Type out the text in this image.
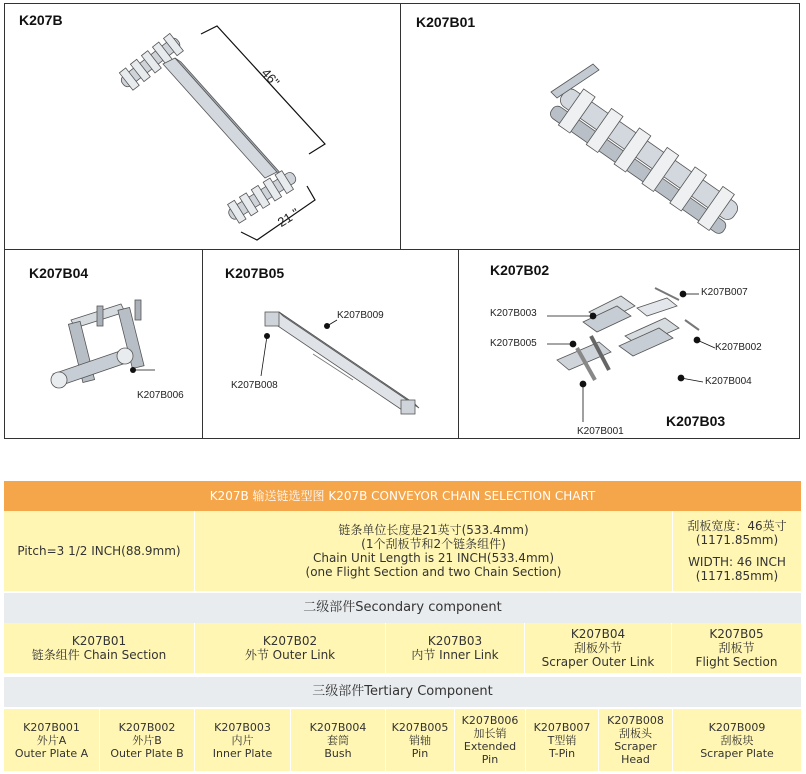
K207B
46"
21 "
K207B01
K207B04
K207B006
K207B05
K207B009
K207B008
K207B02
K207B03
K207B007
K207B003
K207B002
K207B005
K207B004
K207B001
K207B 输送链选型图 K207B CONVEYOR CHAIN SELECTION CHART
Pitch=3 1/2 INCH(88.9mm)
链条单位长度是21英寸(533.4mm)
(1个刮板节和2个链条组件)
Chain Unit Length is 21 INCH(533.4mm)
(one Flight Section and two Chain Section)
刮板宽度：46英寸
(1171.85mm)
WIDTH: 46 INCH
(1171.85mm)
二级部件Secondary component
K207B01
链条组件 Chain Section
K207B02
外节 Outer Link
K207B03
内节 Inner Link
K207B04
刮板外节
Scraper Outer Link
K207B05
刮板节
Flight Section
三级部件Tertiary Component
K207B001
外片A
Outer Plate A
K207B002
外片B
Outer Plate B
K207B003
内片
Inner Plate
K207B004
套筒
Bush
K207B005
销轴
Pin
K207B006
加长销
Extended
Pin
K207B007
T型销
T-Pin
K207B008
刮板头
Scraper
Head
K207B009
刮板块
Scraper Plate
